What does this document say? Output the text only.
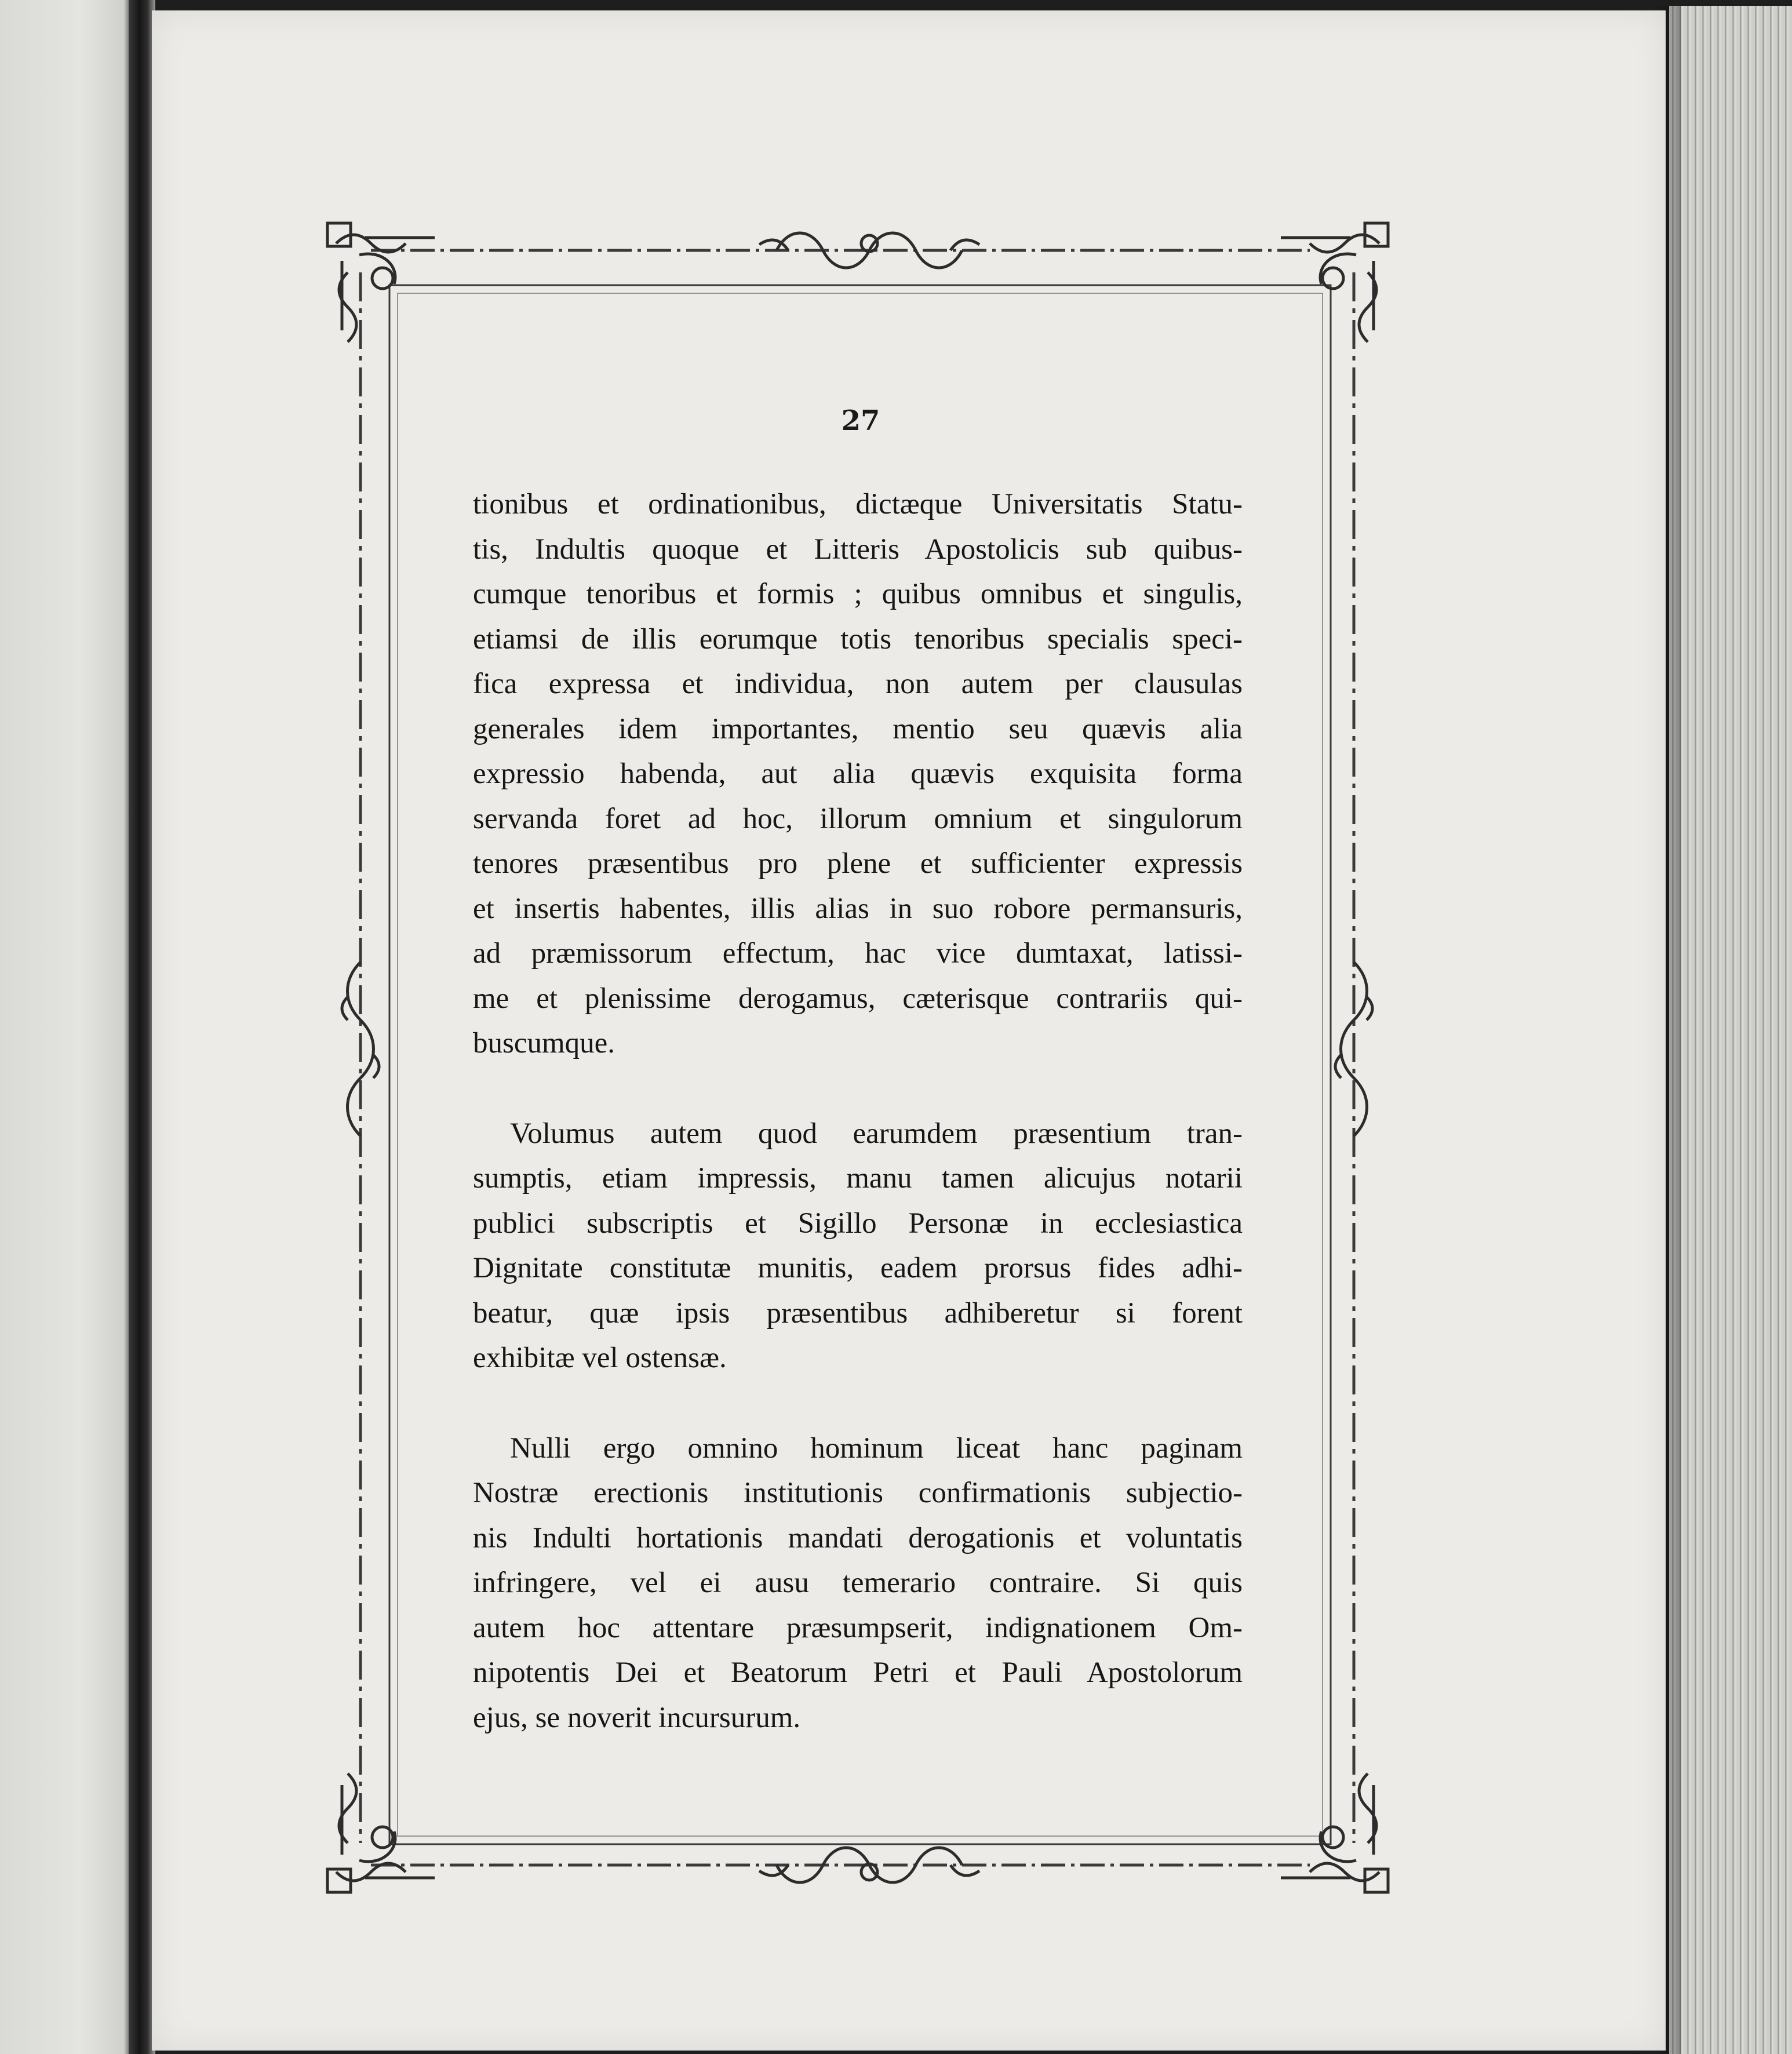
27
tionibus et ordinationibus, dictæque Universitatis Statu-
tis, Indultis quoque et Litteris Apostolicis sub quibus-
cumque tenoribus et formis ; quibus omnibus et singulis,
etiamsi de illis eorumque totis tenoribus specialis speci-
fica expressa et individua, non autem per clausulas
generales idem importantes, mentio seu quævis alia
expressio habenda, aut alia quævis exquisita forma
servanda foret ad hoc, illorum omnium et singulorum
tenores præsentibus pro plene et sufficienter expressis
et insertis habentes, illis alias in suo robore permansuris,
ad præmissorum effectum, hac vice dumtaxat, latissi-
me et plenissime derogamus, cæterisque contrariis qui-
buscumque.
Volumus autem quod earumdem præsentium tran-
sumptis, etiam impressis, manu tamen alicujus notarii
publici subscriptis et Sigillo Personæ in ecclesiastica
Dignitate constitutæ munitis, eadem prorsus fides adhi-
beatur, quæ ipsis præsentibus adhiberetur si forent
exhibitæ vel ostensæ.
Nulli ergo omnino hominum liceat hanc paginam
Nostræ erectionis institutionis confirmationis subjectio-
nis Indulti hortationis mandati derogationis et voluntatis
infringere, vel ei ausu temerario contraire. Si quis
autem hoc attentare præsumpserit, indignationem Om-
nipotentis Dei et Beatorum Petri et Pauli Apostolorum
ejus, se noverit incursurum.
